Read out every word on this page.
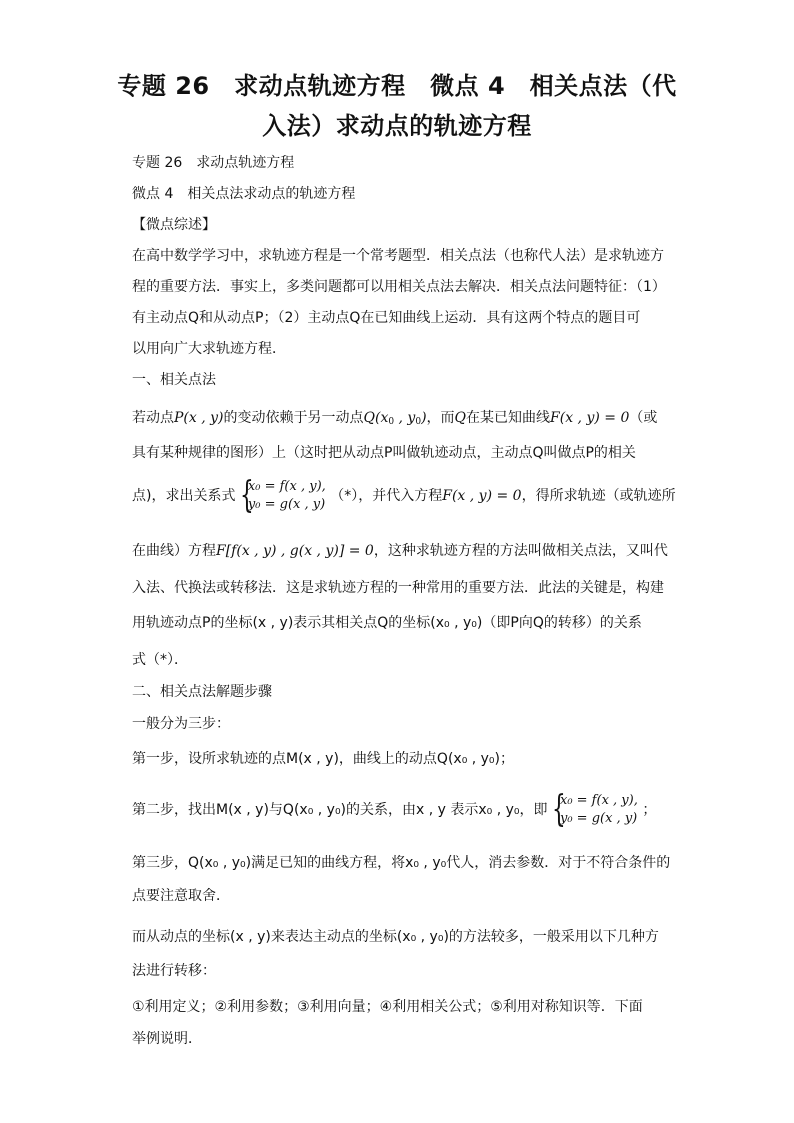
专题 26　求动点轨迹方程　微点 4　相关点法（代
入法）求动点的轨迹方程
专题 26　求动点轨迹方程
微点 4　相关点法求动点的轨迹方程
【微点综述】
在高中数学学习中，求轨迹方程是一个常考题型．相关点法（也称代人法）是求轨迹方
程的重要方法．事实上，多类问题都可以用相关点法去解决．相关点法问题特征：（1）
有主动点Q和从动点P；（2）主动点Q在已知曲线上运动．具有这两个特点的题目可
以用向广大求轨迹方程．
一、相关点法
若动点P(x , y)的变动依赖于另一动点$Q(x_0$ , $y_0$)，而Q在某已知曲线F(x , y) = 0（或
具有某种规律的图形）上（这时把从动点P叫做轨迹动点，主动点Q叫做点P的相关
点)，求出关系式 {
x₀ = f(x , y),
y₀ = g(x , y)
（*），并代入方程F(x , y) = 0，得所求轨迹（或轨迹所
在曲线）方程F[f(x , y) , g(x , y)] = 0，这种求轨迹方程的方法叫做相关点法，又叫代
入法、代换法或转移法．这是求轨迹方程的一种常用的重要方法．此法的关键是，构建
用轨迹动点P的坐标(x , y)表示其相关点Q的坐标(x₀ , y₀)（即P向Q的转移）的关系
式（*）．
二、相关点法解题步骤
一般分为三步：
第一步，设所求轨迹的点M(x , y)，曲线上的动点Q(x₀ , y₀)；
第二步，找出M(x , y)与Q(x₀ , y₀)的关系，由x , y 表示x₀ , y₀，即 {
x₀ = f(x , y),
y₀ = g(x , y)
；
第三步，Q(x₀ , y₀)满足已知的曲线方程，将x₀ , y₀代人，消去参数．对于不符合条件的
点要注意取舍．
而从动点的坐标(x , y)来表达主动点的坐标(x₀ , y₀)的方法较多，一般采用以下几种方
法进行转移：
①利用定义；②利用参数；③利用向量；④利用相关公式；⑤利用对称知识等．下面
举例说明．
